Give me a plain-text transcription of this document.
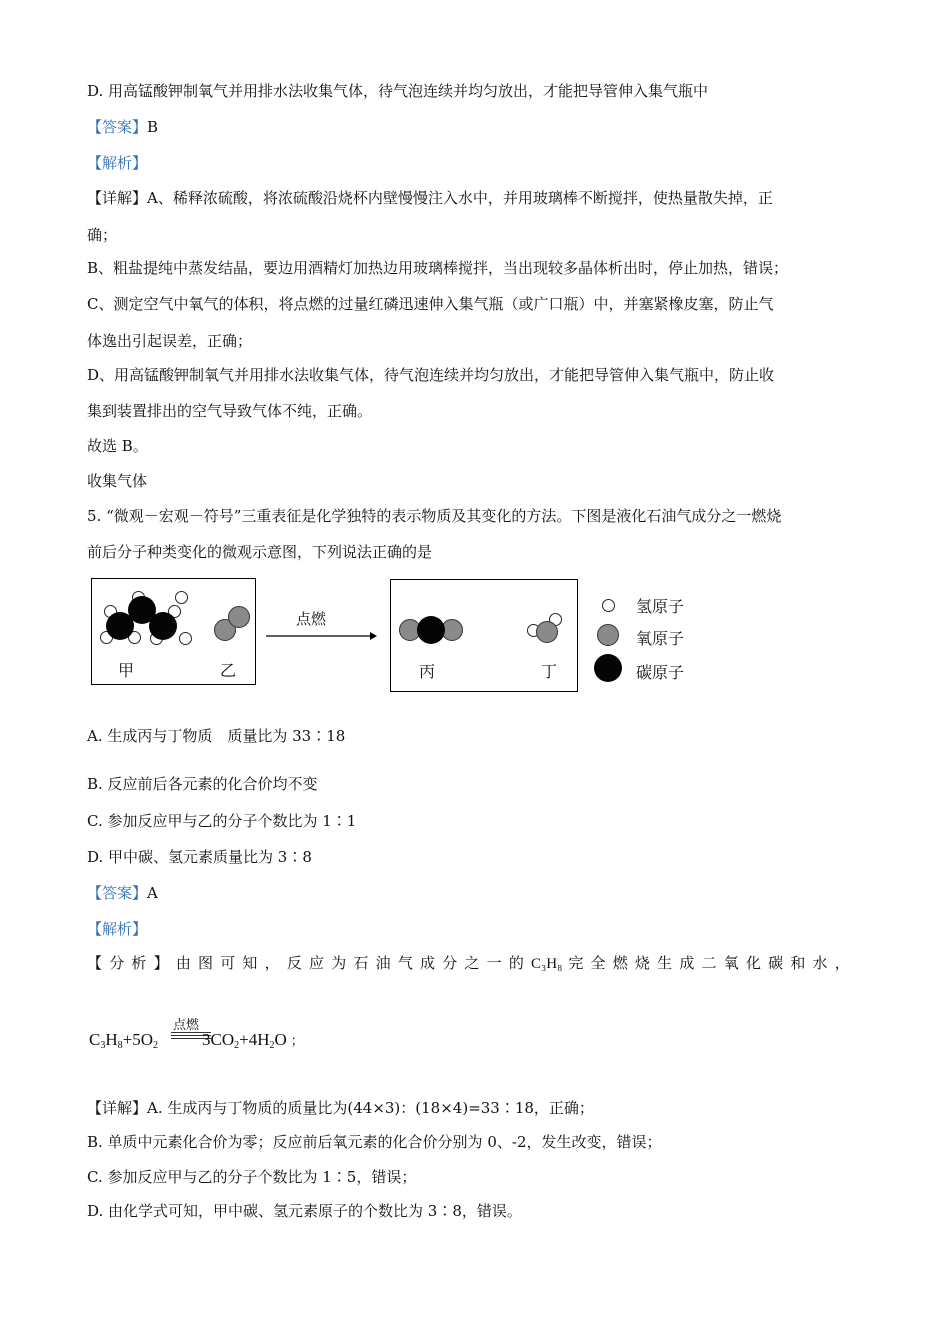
D. 用高锰酸钾制氧气并用排水法收集气体，待气泡连续并均匀放出，才能把导管伸入集气瓶中
【答案】B
【解析】
【详解】A、稀释浓硫酸，将浓硫酸沿烧杯内壁慢慢注入水中，并用玻璃棒不断搅拌，使热量散失掉，正
确；
B、粗盐提纯中蒸发结晶，要边用酒精灯加热边用玻璃棒搅拌，当出现较多晶体析出时，停止加热，错误；
C、测定空气中氧气的体积，将点燃的过量红磷迅速伸入集气瓶（或广口瓶）中，并塞紧橡皮塞，防止气
体逸出引起误差，正确；
D、用高锰酸钾制氧气并用排水法收集气体，待气泡连续并均匀放出，才能把导管伸入集气瓶中，防止收
集到装置排出的空气导致气体不纯，正确。
故选 B。
收集气体
5. “微观－宏观－符号”三重表征是化学独特的表示物质及其变化的方法。下图是液化石油气成分之一燃烧
前后分子种类变化的微观示意图，下列说法正确的是
甲	乙
点燃
丙	丁
氢原子
氧原子
碳原子
A. 生成丙与丁物质　质量比为 33∶18
B. 反应前后各元素的化合价均不变
C. 参加反应甲与乙的分子个数比为 1∶1
D. 甲中碳、氢元素质量比为 3∶8
【答案】A
【解析】
【分析】由图可知，反应为石油气成分之一的C₃H₈ 完全燃烧生成二氧化碳和水，
点燃
$C_3H_8+5O_2$	$3CO_2+4H_2O$ ；
【详解】A. 生成丙与丁物质的质量比为(44×3)：(18×4)=33∶18，正确；
B. 单质中元素化合价为零；反应前后氧元素的化合价分别为 0、-2，发生改变，错误；
C. 参加反应甲与乙的分子个数比为 1∶5，错误；
D. 由化学式可知，甲中碳、氢元素原子的个数比为 3∶8，错误。
